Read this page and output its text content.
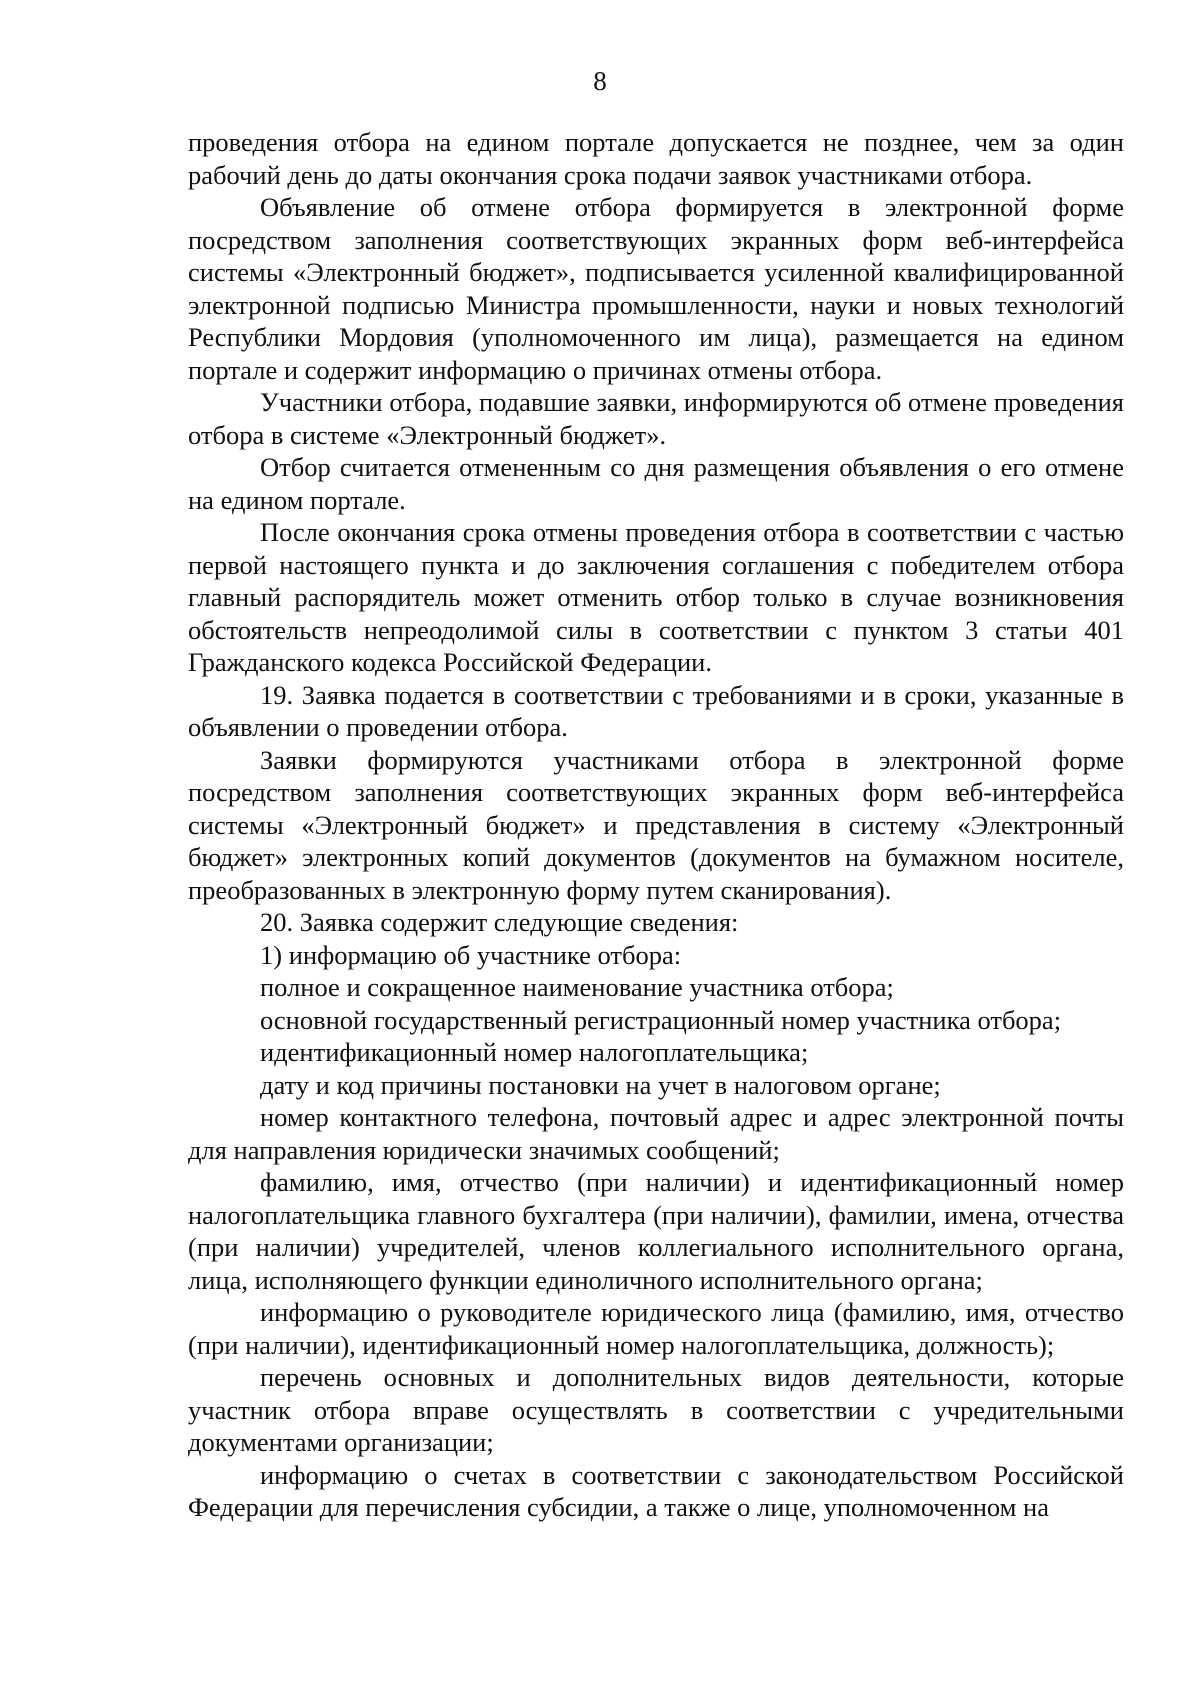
8

проведения отбора на едином портале допускается не позднее, чем за один рабочий день до даты окончания срока подачи заявок участниками отбора.

Объявление об отмене отбора формируется в электронной форме посредством заполнения соответствующих экранных форм веб-интерфейса системы «Электронный бюджет», подписывается усиленной квалифицированной электронной подписью Министра промышленности, науки и новых технологий Республики Мордовия (уполномоченного им лица), размещается на едином портале и содержит информацию о причинах отмены отбора.

Участники отбора, подавшие заявки, информируются об отмене проведения отбора в системе «Электронный бюджет».

Отбор считается отмененным со дня размещения объявления о его отмене на едином портале.

После окончания срока отмены проведения отбора в соответствии с частью первой настоящего пункта и до заключения соглашения с победителем отбора главный распорядитель может отменить отбор только в случае возникновения обстоятельств непреодолимой силы в соответствии с пунктом 3 статьи 401 Гражданского кодекса Российской Федерации.

19. Заявка подается в соответствии с требованиями и в сроки, указанные в объявлении о проведении отбора.

Заявки формируются участниками отбора в электронной форме посредством заполнения соответствующих экранных форм веб-интерфейса системы «Электронный бюджет» и представления в систему «Электронный бюджет» электронных копий документов (документов на бумажном носителе, преобразованных в электронную форму путем сканирования).

20. Заявка содержит следующие сведения:

1) информацию об участнике отбора:

полное и сокращенное наименование участника отбора;

основной государственный регистрационный номер участника отбора;

идентификационный номер налогоплательщика;

дату и код причины постановки на учет в налоговом органе;

номер контактного телефона, почтовый адрес и адрес электронной почты для направления юридически значимых сообщений;

фамилию, имя, отчество (при наличии) и идентификационный номер налогоплательщика главного бухгалтера (при наличии), фамилии, имена, отчества (при наличии) учредителей, членов коллегиального исполнительного органа, лица, исполняющего функции единоличного исполнительного органа;

информацию о руководителе юридического лица (фамилию, имя, отчество (при наличии), идентификационный номер налогоплательщика, должность);

перечень основных и дополнительных видов деятельности, которые участник отбора вправе осуществлять в соответствии с учредительными документами организации;

информацию о счетах в соответствии с законодательством Российской Федерации для перечисления субсидии, а также о лице, уполномоченном на
